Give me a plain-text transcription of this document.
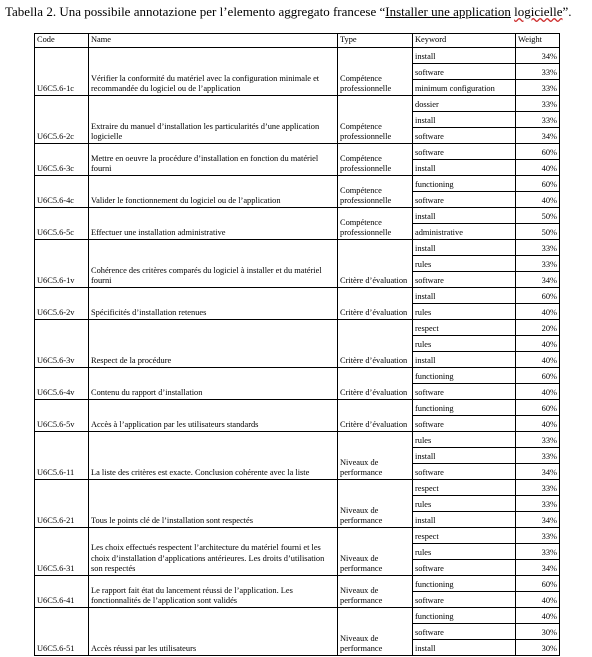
Tabella 2. Una possibile annotazione per l’elemento aggregato francese “Installer une application logicielle”.
Code	Name	Type	Keyword	Weight
U6C5.6-1c	Vérifier la conformité du matériel avec la configuration minimale et recommandée du logiciel ou de l’application	Compétence professionnelle	install	34%
			software	33%
			minimum configuration	33%
U6C5.6-2c	Extraire du manuel d’installation les particularités d’une application logicielle	Compétence professionnelle	dossier	33%
			install	33%
			software	34%
U6C5.6-3c	Mettre en oeuvre la procédure d’installation en fonction du matériel fourni	Compétence professionnelle	software	60%
			install	40%
U6C5.6-4c	Valider le fonctionnement du logiciel ou de l’application	Compétence professionnelle	functioning	60%
			software	40%
U6C5.6-5c	Effectuer une installation administrative	Compétence professionnelle	install	50%
			administrative	50%
U6C5.6-1v	Cohérence des critères comparés du logiciel à installer et du matériel fourni	Critère d’évaluation	install	33%
			rules	33%
			software	34%
U6C5.6-2v	Spécificités d’installation retenues	Critère d’évaluation	install	60%
			rules	40%
U6C5.6-3v	Respect de la procédure	Critère d’évaluation	respect	20%
			rules	40%
			install	40%
U6C5.6-4v	Contenu du rapport d’installation	Critère d’évaluation	functioning	60%
			software	40%
U6C5.6-5v	Accès à l’application par les utilisateurs standards	Critère d’évaluation	functioning	60%
			software	40%
U6C5.6-11	La liste des critères est exacte. Conclusion cohérente avec la liste	Niveaux de performance	rules	33%
			install	33%
			software	34%
U6C5.6-21	Tous le points clé de l’installation sont respectés	Niveaux de performance	respect	33%
			rules	33%
			install	34%
U6C5.6-31	Les choix effectués respectent l’architecture du matériel fourni et les choix d’installation d’applications antérieures. Les droits d’utilisation son respectés	Niveaux de performance	respect	33%
			rules	33%
			software	34%
U6C5.6-41	Le rapport fait état du lancement réussi de l’application. Les fonctionnalités de l’application sont validés	Niveaux de performance	functioning	60%
			software	40%
U6C5.6-51	Accès réussi par les utilisateurs	Niveaux de performance	functioning	40%
			software	30%
			install	30%
